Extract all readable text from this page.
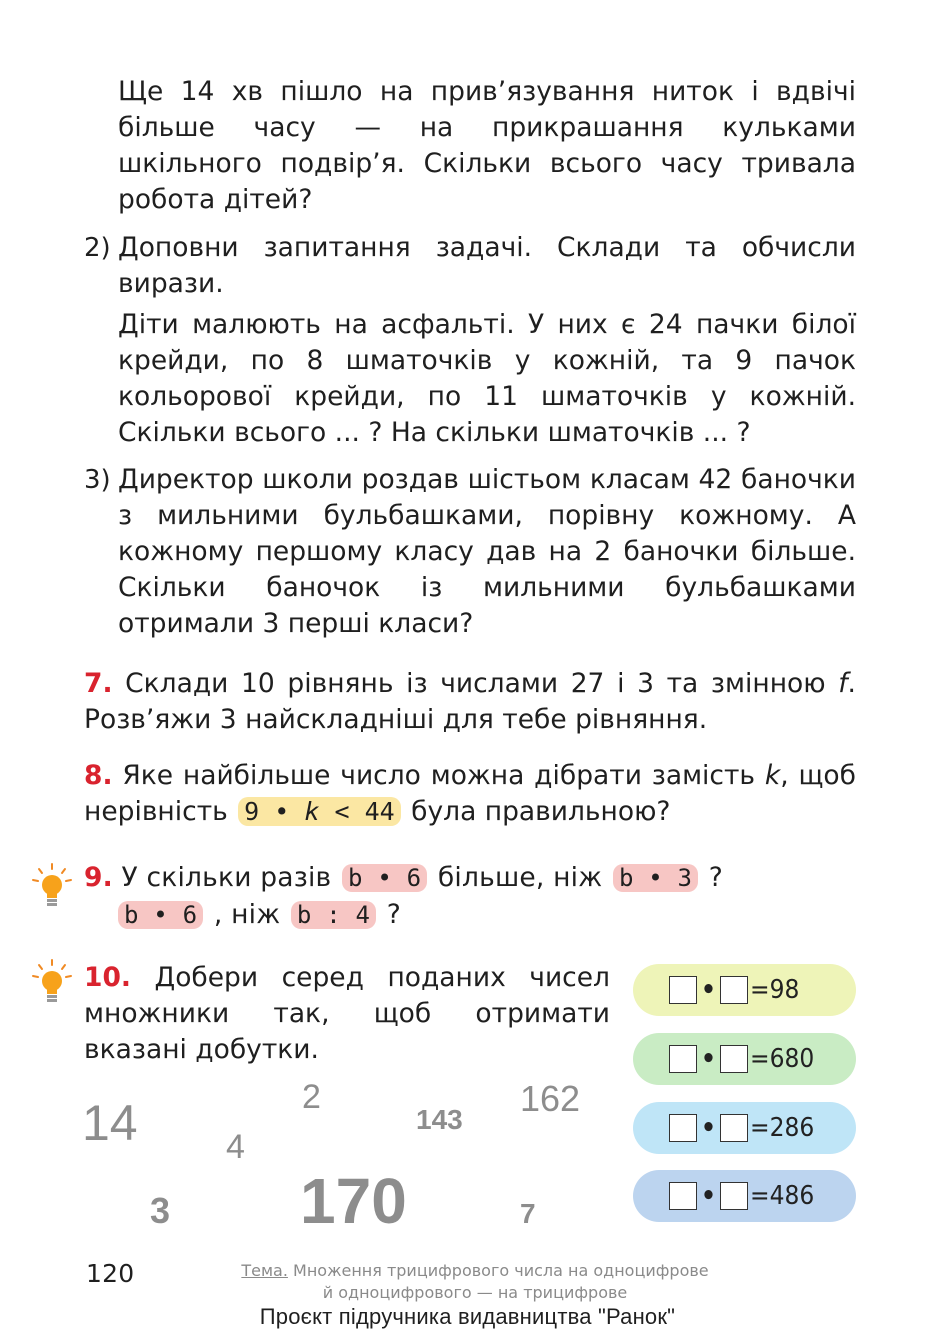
Ще 14 хв пішло на прив’язування ниток і вдвічі більше часу — на прикрашання кульками шкільного подвір’я. Скільки всього часу тривала робота дітей?
2) Доповни запитання задачі. Склади та обчисли вирази.
Діти малюють на асфальті. У них є 24 пачки білої крейди, по 8 шматочків у кожній, та 9 пачок кольорової крейди, по 11 шматочків у кожній. Скільки всього ... ? На скільки шматочків ... ?
3) Директор школи роздав шістьом класам 42 баночки з мильними бульбашками, порівну кожному. А кожному першому класу дав на 2 баночки більше. Скільки баночок із мильними бульбашками отримали 3 перші класи?
7. Склади 10 рівнянь із числами 27 і 3 та змінною f. Розв’яжи 3 найскладніші для тебе рівняння.
8. Яке найбільше число можна дібрати замість k, щоб нерівність 9 • k < 44 була правильною?
9. У скільки разів b • 6 більше, ніж b • 3 ?
b • 6 , ніж b : 4 ?
10. Добери серед поданих чисел множники так, щоб отримати вказані добутки.
• =98
• =680
• =286
• =486
14	2
143
162
4
3 170	7
120	Тема. Множення трицифрового числа на одноцифрове
й одноцифрового — на трицифрове
Проєкт підручника видавництва "Ранок"
